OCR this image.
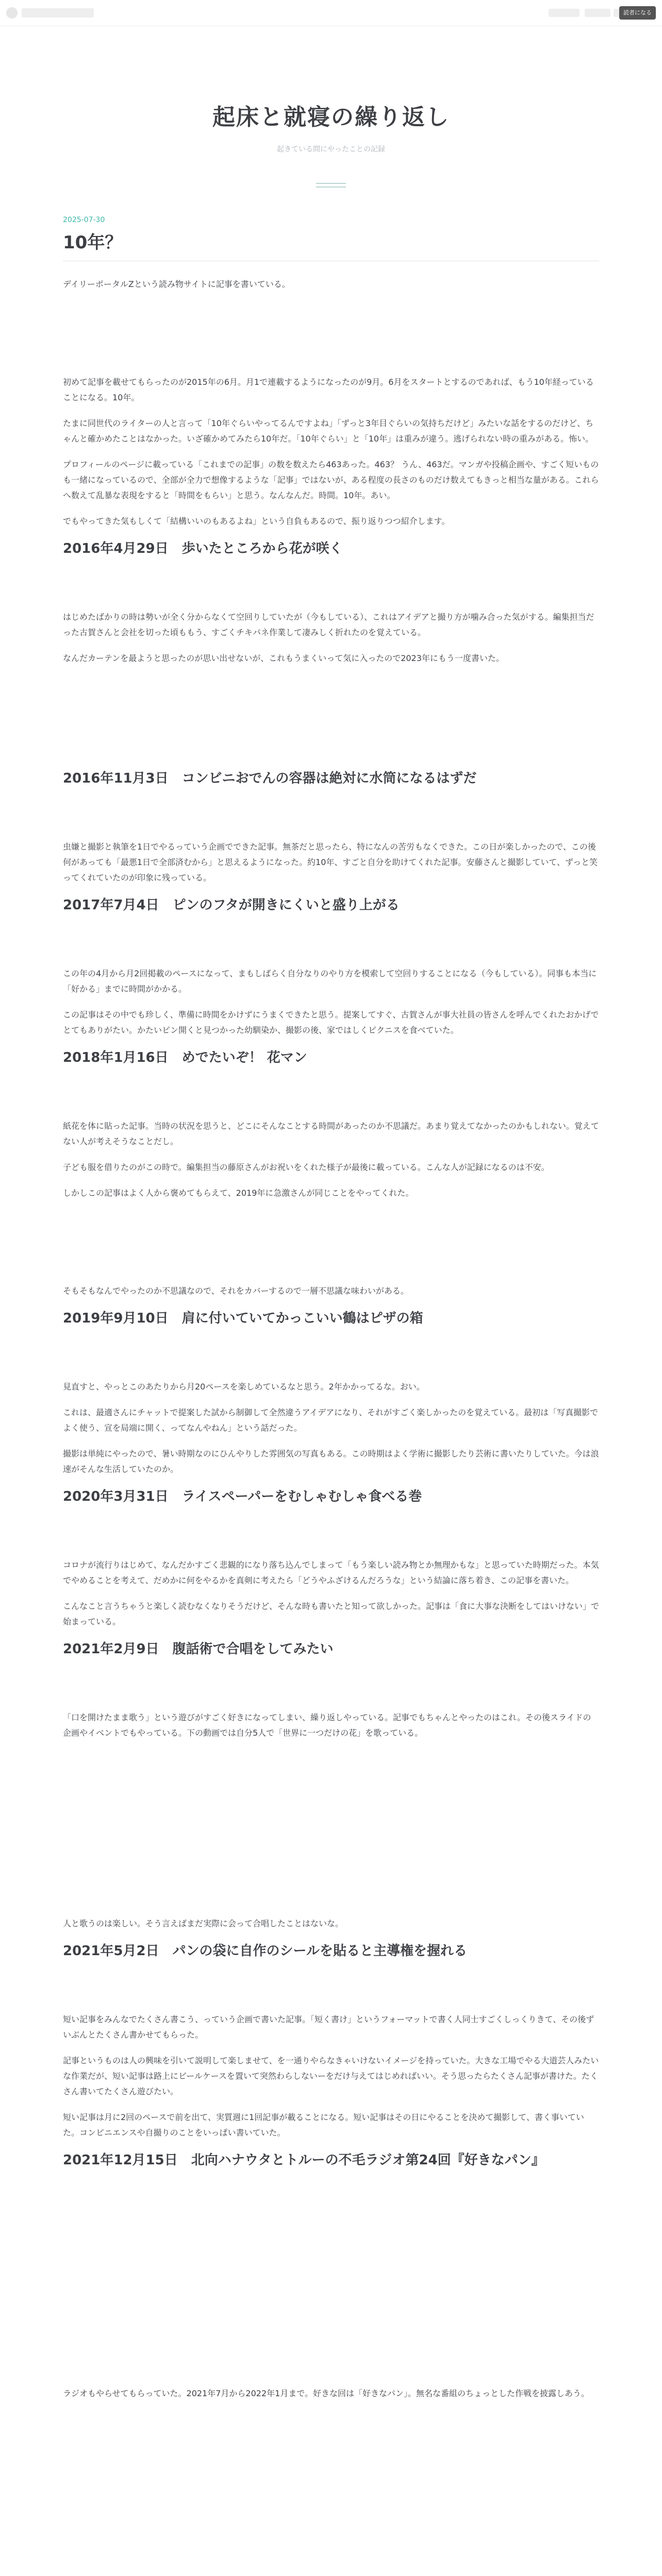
読者になる
起床と就寝の繰り返し
起きている間にやったことの記録
2025-07-30
10年？

デイリーポータルZという読み物サイトに記事を書いている。

初めて記事を載せてもらったのが2015年の6月。月1で連載するようになったのが9月。6月をスタートとするのであれば、もう10年経っていることになる。10年。

たまに同世代のライターの人と言って「10年ぐらいやってるんですよね」「ずっと3年目ぐらいの気持ちだけど」みたいな話をするのだけど、ちゃんと確かめたことはなかった。いざ確かめてみたら10年だ。「10年ぐらい」と「10年」は重みが違う。逃げられない時の重みがある。怖い。

プロフィールのページに載っている「これまでの記事」の数を数えたら463あった。463？ うん、463だ。マンガや投稿企画や、すごく短いものも一緒になっているので、全部が全力で想像するような「記事」ではないが、ある程度の長さのものだけ数えてもきっと相当な量がある。これらへ数えて乱暴な表現をすると「時間をもらい」と思う。なんなんだ。時間。10年。あい。

でもやってきた気もしくて「結構いいのもあるよね」という自負もあるので、振り返りつつ紹介します。

2016年4月29日　歩いたところから花が咲く

はじめたばかりの時は勢いが全く分からなくて空回りしていたが（今もしている）、これはアイデアと撮り方が噛み合った気がする。編集担当だった古賀さんと会社を切った頃ももう、すごくチキパネ作業して凄みしく折れたのを覚えている。

なんだカーテンを最ようと思ったのが思い出せないが、これもうまくいって気に入ったので2023年にもう一度書いた。

2016年11月3日　コンビニおでんの容器は絶対に水筒になるはずだ

虫嫌と撮影と執筆を1日でやるっていう企画でできた記事。無茶だと思ったら、特になんの苦労もなくできた。この日が楽しかったので、この後何があっても「最悪1日で全部済むから」と思えるようになった。約10年、すごと自分を助けてくれた記事。安藤さんと撮影していて、ずっと笑ってくれていたのが印象に残っている。

2017年7月4日　ピンのフタが開きにくいと盛り上がる

この年の4月から月2回掲載のペースになって、まもしばらく自分なりのやり方を模索して空回りすることになる（今もしている）。同事も本当に「好かる」までに時間がかかる。

この記事はその中でも珍しく、準備に時間をかけずにうまくできたと思う。提案してすぐ、古賀さんが事大社員の皆さんを呼んでくれたおかげでとてもありがたい。かたいピン開くと見つかった幼馴染か、撮影の後、家ではしくピクニスを食べていた。

2018年1月16日　めでたいぞ！ 花マン

紙花を体に貼った記事。当時の状況を思うと、どこにそんなことする時間があったのか不思議だ。あまり覚えてなかったのかもしれない。覚えてない人が考えそうなことだし。

子ども服を借りたのがこの時で。編集担当の藤原さんがお祝いをくれた様子が最後に載っている。こんな人が記録になるのは不安。

しかしこの記事はよく人から褒めてもらえて、2019年に急激さんが同じことをやってくれた。

そもそもなんでやったのか不思議なので、それをカバーするので一層不思議な味わいがある。

2019年9月10日　肩に付いていてかっこいい鶴はピザの箱

見直すと、やっとこのあたりから月20ペースを楽しめているなと思う。2年かかってるな。おい。

これは、最適さんにチャットで提案した試から制御して全然違うアイデアになり、それがすごく楽しかったのを覚えている。最初は「写真撮影でよく使う、宣を局端に開く、ってなんやねん」という話だった。

撮影は単純にやったので、暑い時期なのにひんやりした雰囲気の写真もある。この時期はよく学術に撮影したり芸術に書いたりしていた。今は浪速がそんな生活していたのか。

2020年3月31日　ライスペーパーをむしゃむしゃ食べる巻

コロナが流行りはじめて、なんだかすごく悲観的になり落ち込んでしまって「もう楽しい読み物とか無理かもな」と思っていた時期だった。本気でやめることを考えて、だめかに何をやるかを真剣に考えたら「どうやふざけるんだろうな」という結論に落ち着き、この記事を書いた。

こんなこと言うちゃうと楽しく読むなくなりそうだけど、そんな時も書いたと知って欲しかった。記事は「食に大事な決断をしてはいけない」で始まっている。

2021年2月9日　腹話術で合唱をしてみたい

「口を開けたまま歌う」という遊びがすごく好きになってしまい、繰り返しやっている。記事でもちゃんとやったのはこれ。その後スライドの企画やイベントでもやっている。下の動画では自分5人で「世界に一つだけの花」を歌っている。

人と歌うのは楽しい。そう言えばまだ実際に会って合唱したことはないな。

2021年5月2日　パンの袋に自作のシールを貼ると主導権を握れる

短い記事をみんなでたくさん書こう、っていう企画で書いた記事。「短く書け」というフォーマットで書く人同士すごくしっくりきて、その後ずいぶんとたくさん書かせてもらった。

記事というものは人の興味を引いて説明して楽しませて、を一通りやらなきゃいけないイメージを持っていた。大きな工場でやる大道芸人みたいな作業だが、短い記事は路上にビールケースを置いて突然わらしないーをだけ与えてはじめればいい。そう思ったらたくさん記事が書けた。たくさん書いてたくさん遊びたい。

短い記事は月に2回のペースで前を出て、実質週に1回記事が載ることになる。短い記事はその日にやることを決めて撮影して、書く事いていた。コンビニエンスや自撮りのことをいっぱい書いていた。

2021年12月15日　北向ハナウタとトルーの不毛ラジオ第24回『好きなパン』

ラジオもやらせてもらっていた。2021年7月から2022年1月まで。好きな回は「好きなパン」。無名な番組のちょっとした作戦を披露しあう。
